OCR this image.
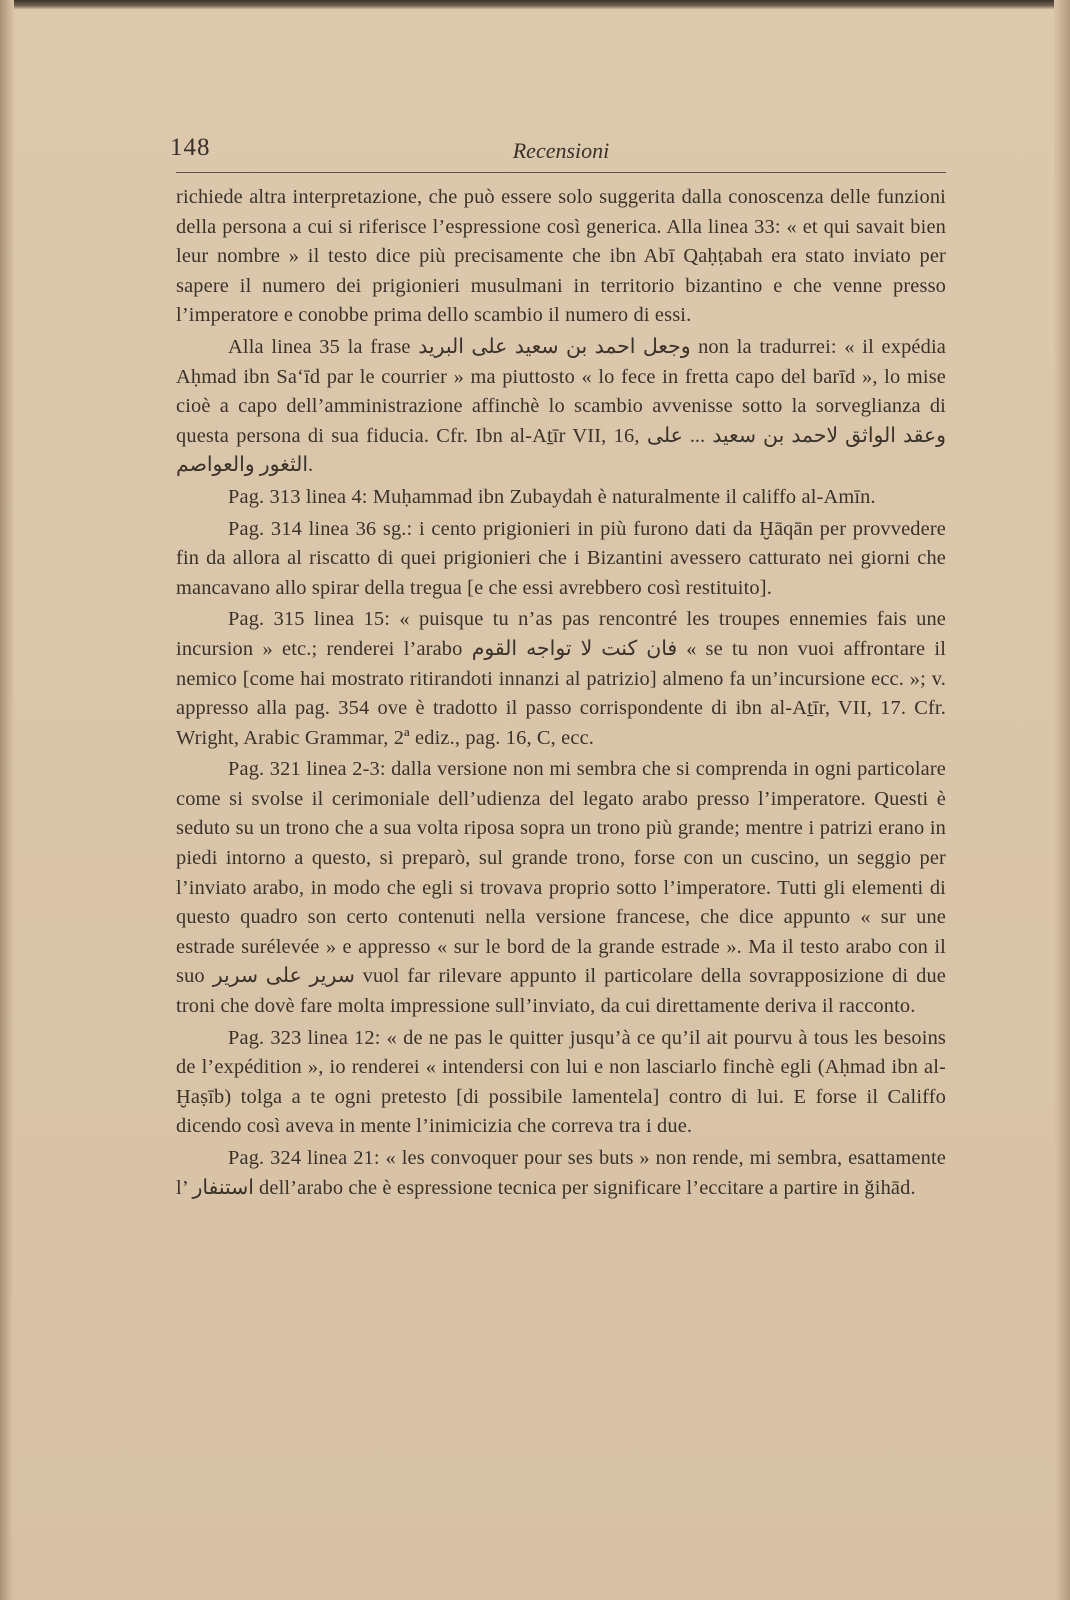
148	Recensioni

richiede altra interpretazione, che può essere solo suggerita dalla conoscenza delle funzioni della persona a cui si riferisce l’espressione così generica. Alla linea 33: « et qui savait bien leur nombre » il testo dice più precisamente che ibn Abī Qaḥṭabah era stato inviato per sapere il numero dei prigionieri musulmani in territorio bizantino e che venne presso l’imperatore e conobbe prima dello scambio il numero di essi.

Alla linea 35 la frase وجعل احمد بن سعيد على البريد non la tradurrei: « il expédia Aḥmad ibn Sa‘īd par le courrier » ma piuttosto « lo fece in fretta capo del barīd », lo mise cioè a capo dell’amministrazione affinchè lo scambio avvenisse sotto la sorveglianza di questa persona di sua fiducia. Cfr. Ibn al-Aṯīr VII, 16, وعقد الواثق لاحمد بن سعيد ... على الثغور والعواصم.

Pag. 313 linea 4: Muḥammad ibn Zubaydah è naturalmente il califfo al-Amīn.

Pag. 314 linea 36 sg.: i cento prigionieri in più furono dati da Ḫāqān per provvedere fin da allora al riscatto di quei prigionieri che i Bizantini avessero catturato nei giorni che mancavano allo spirar della tregua [e che essi avrebbero così restituito].

Pag. 315 linea 15: « puisque tu n’as pas rencontré les troupes ennemies fais une incursion » etc.; renderei l’arabo فان كنت لا تواجه القوم « se tu non vuoi affrontare il nemico [come hai mostrato ritirandoti innanzi al patrizio] almeno fa un’incursione ecc. »; v. appresso alla pag. 354 ove è tradotto il passo corrispondente di ibn al-Aṯīr, VII, 17. Cfr. Wright, Arabic Grammar, 2ª ediz., pag. 16, C, ecc.

Pag. 321 linea 2-3: dalla versione non mi sembra che si comprenda in ogni particolare come si svolse il cerimoniale dell’udienza del legato arabo presso l’imperatore. Questi è seduto su un trono che a sua volta riposa sopra un trono più grande; mentre i patrizi erano in piedi intorno a questo, si preparò, sul grande trono, forse con un cuscino, un seggio per l’inviato arabo, in modo che egli si trovava proprio sotto l’imperatore. Tutti gli elementi di questo quadro son certo contenuti nella versione francese, che dice appunto « sur une estrade surélevée » e appresso « sur le bord de la grande estrade ». Ma il testo arabo con il suo سرير على سرير vuol far rilevare appunto il particolare della sovrapposizione di due troni che dovè fare molta impressione sull’inviato, da cui direttamente deriva il racconto.

Pag. 323 linea 12: « de ne pas le quitter jusqu’à ce qu’il ait pourvu à tous les besoins de l’expédition », io renderei « intendersi con lui e non lasciarlo finchè egli (Aḥmad ibn al-Ḫaṣīb) tolga a te ogni pretesto [di possibile lamentela] contro di lui. E forse il Califfo dicendo così aveva in mente l’inimicizia che correva tra i due.

Pag. 324 linea 21: « les convoquer pour ses buts » non rende, mi sembra, esattamente l’ استنفار dell’arabo che è espressione tecnica per significare l’eccitare a partire in ǧihād.
